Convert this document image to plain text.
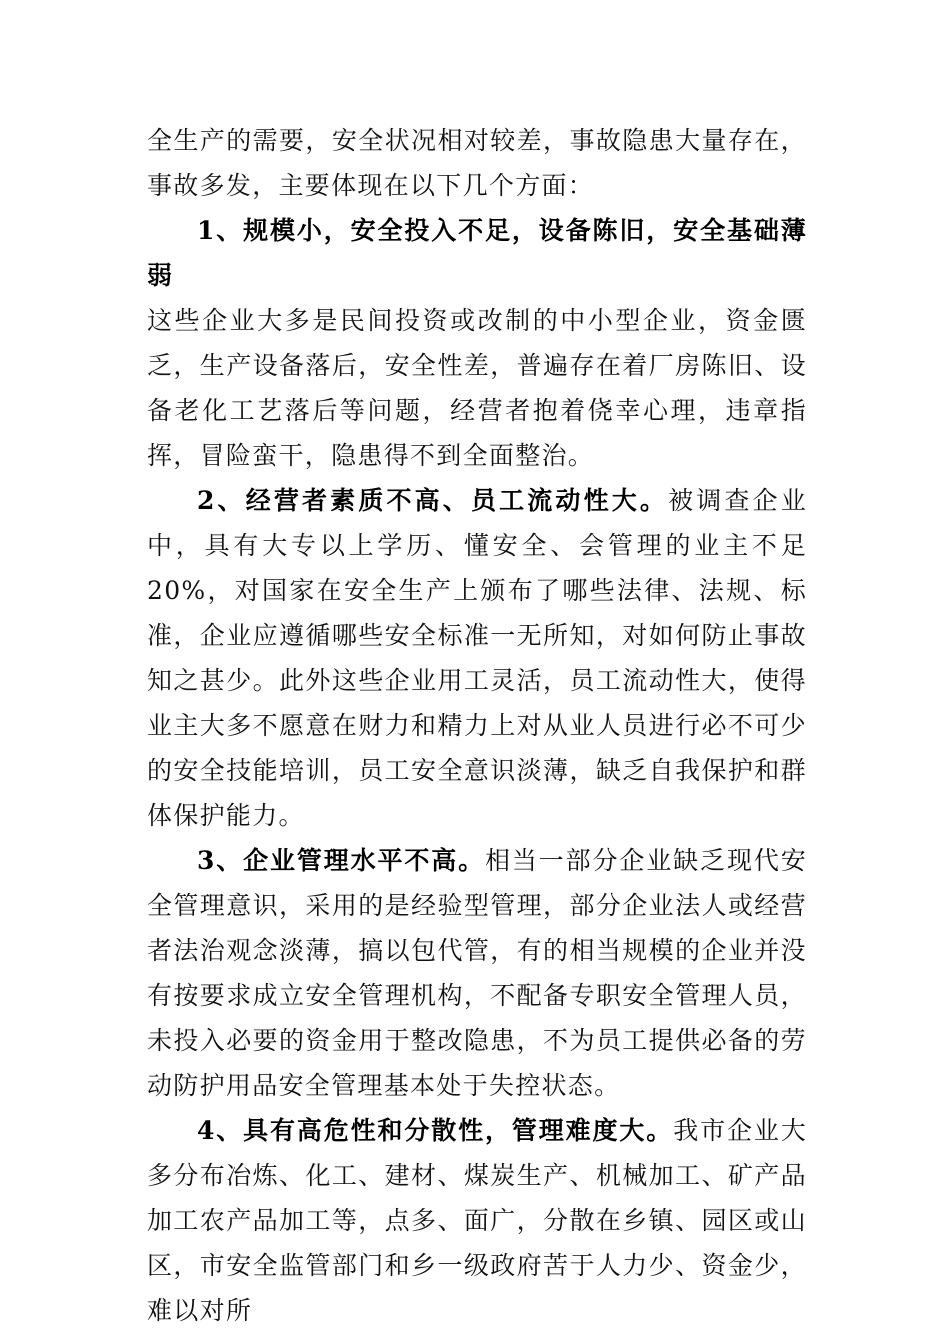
全生产的需要，安全状况相对较差，事故隐患大量存在，事故多发，主要体现在以下几个方面：

1、规模小，安全投入不足，设备陈旧，安全基础薄弱

这些企业大多是民间投资或改制的中小型企业，资金匮乏，生产设备落后，安全性差，普遍存在着厂房陈旧、设备老化工艺落后等问题，经营者抱着侥幸心理，违章指挥，冒险蛮干，隐患得不到全面整治。

2、经营者素质不高、员工流动性大。被调查企业中，具有大专以上学历、懂安全、会管理的业主不足20%，对国家在安全生产上颁布了哪些法律、法规、标准，企业应遵循哪些安全标准一无所知，对如何防止事故知之甚少。此外这些企业用工灵活，员工流动性大，使得业主大多不愿意在财力和精力上对从业人员进行必不可少的安全技能培训，员工安全意识淡薄，缺乏自我保护和群体保护能力。

3、企业管理水平不高。相当一部分企业缺乏现代安全管理意识，采用的是经验型管理，部分企业法人或经营者法治观念淡薄，搞以包代管，有的相当规模的企业并没有按要求成立安全管理机构，不配备专职安全管理人员，未投入必要的资金用于整改隐患，不为员工提供必备的劳动防护用品安全管理基本处于失控状态。

4、具有高危性和分散性，管理难度大。我市企业大多分布冶炼、化工、建材、煤炭生产、机械加工、矿产品加工农产品加工等，点多、面广，分散在乡镇、园区或山区，市安全监管部门和乡一级政府苦于人力少、资金少，难以对所
